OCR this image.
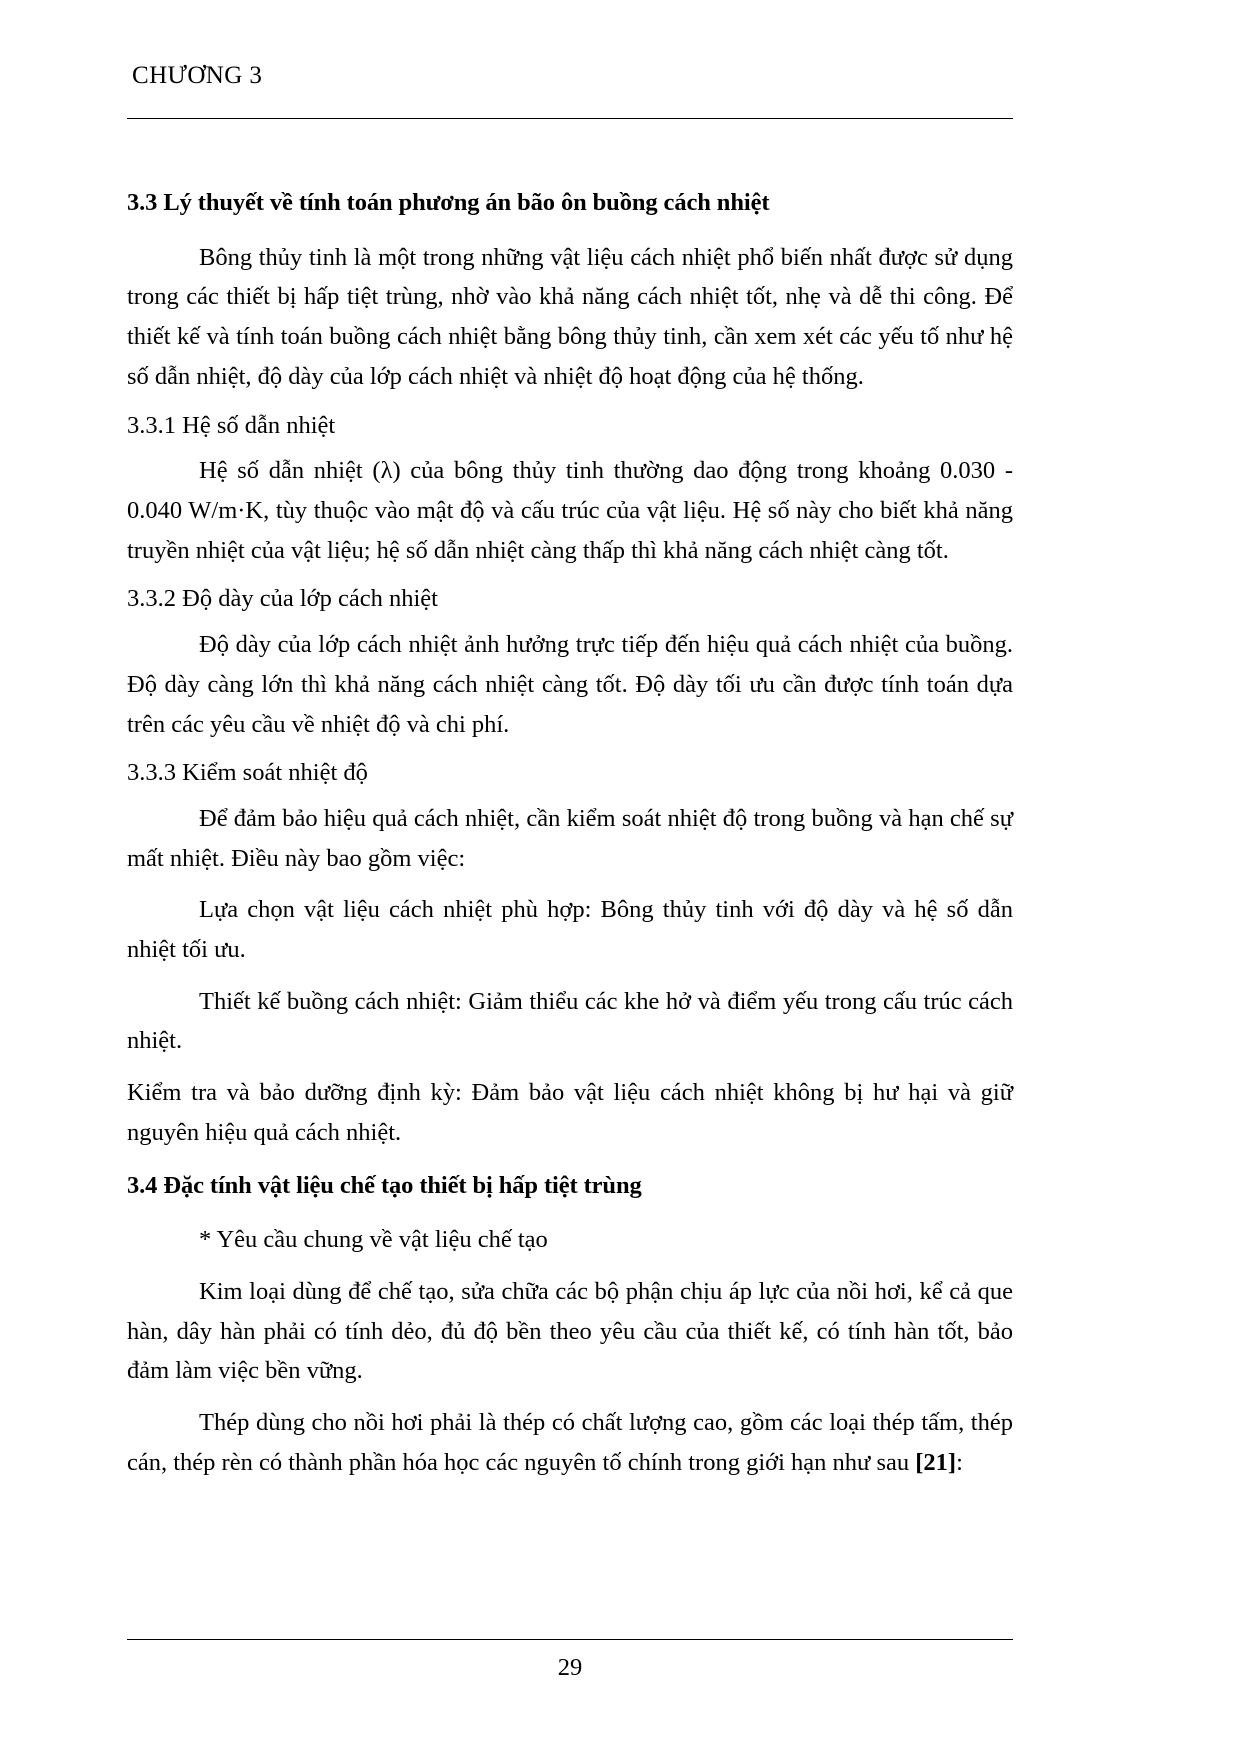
CHƯƠNG 3
3.3 Lý thuyết về tính toán phương án bão ôn buồng cách nhiệt

Bông thủy tinh là một trong những vật liệu cách nhiệt phổ biến nhất được sử dụng trong các thiết bị hấp tiệt trùng, nhờ vào khả năng cách nhiệt tốt, nhẹ và dễ thi công. Để thiết kế và tính toán buồng cách nhiệt bằng bông thủy tinh, cần xem xét các yếu tố như hệ số dẫn nhiệt, độ dày của lớp cách nhiệt và nhiệt độ hoạt động của hệ thống.

3.3.1 Hệ số dẫn nhiệt

Hệ số dẫn nhiệt (λ) của bông thủy tinh thường dao động trong khoảng 0.030 - 0.040 W/m·K, tùy thuộc vào mật độ và cấu trúc của vật liệu. Hệ số này cho biết khả năng truyền nhiệt của vật liệu; hệ số dẫn nhiệt càng thấp thì khả năng cách nhiệt càng tốt.

3.3.2 Độ dày của lớp cách nhiệt

Độ dày của lớp cách nhiệt ảnh hưởng trực tiếp đến hiệu quả cách nhiệt của buồng. Độ dày càng lớn thì khả năng cách nhiệt càng tốt. Độ dày tối ưu cần được tính toán dựa trên các yêu cầu về nhiệt độ và chi phí.

3.3.3 Kiểm soát nhiệt độ

Để đảm bảo hiệu quả cách nhiệt, cần kiểm soát nhiệt độ trong buồng và hạn chế sự mất nhiệt. Điều này bao gồm việc:

Lựa chọn vật liệu cách nhiệt phù hợp: Bông thủy tinh với độ dày và hệ số dẫn nhiệt tối ưu.

Thiết kế buồng cách nhiệt: Giảm thiểu các khe hở và điểm yếu trong cấu trúc cách nhiệt.

Kiểm tra và bảo dưỡng định kỳ: Đảm bảo vật liệu cách nhiệt không bị hư hại và giữ nguyên hiệu quả cách nhiệt.

3.4 Đặc tính vật liệu chế tạo thiết bị hấp tiệt trùng

* Yêu cầu chung về vật liệu chế tạo

Kim loại dùng để chế tạo, sửa chữa các bộ phận chịu áp lực của nồi hơi, kể cả que hàn, dây hàn phải có tính dẻo, đủ độ bền theo yêu cầu của thiết kế, có tính hàn tốt, bảo đảm làm việc bền vững.

Thép dùng cho nồi hơi phải là thép có chất lượng cao, gồm các loại thép tấm, thép cán, thép rèn có thành phần hóa học các nguyên tố chính trong giới hạn như sau [21]:

29
